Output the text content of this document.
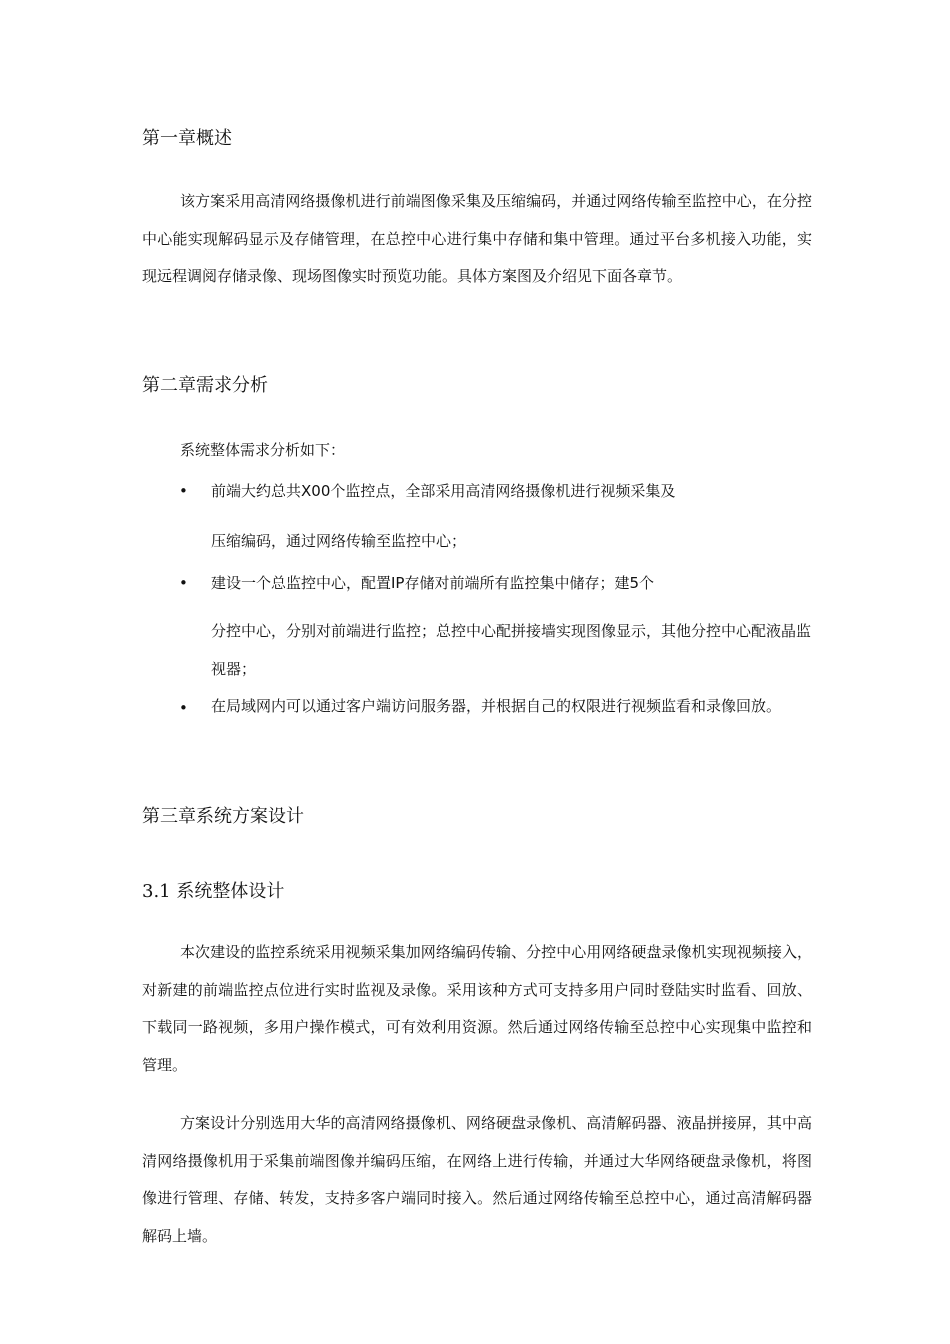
第一章概述

该方案采用高清网络摄像机进行前端图像采集及压缩编码，并通过网络传输至监控中心，在分控中心能实现解码显示及存储管理，在总控中心进行集中存储和集中管理。通过平台多机接入功能，实现远程调阅存储录像、现场图像实时预览功能。具体方案图及介绍见下面各章节。

第二章需求分析
系统整体需求分析如下：
• 前端大约总共X00个监控点，全部采用高清网络摄像机进行视频采集及
压缩编码，通过网络传输至监控中心；
• 建设一个总监控中心，配置IP存储对前端所有监控集中储存；建5个

分控中心，分别对前端进行监控；总控中心配拼接墙实现图像显示，其他分控中心配液晶监视器；

• 在局域网内可以通过客户端访问服务器，并根据自己的权限进行视频监看和录像回放。

第三章系统方案设计
3.1 系统整体设计

本次建设的监控系统采用视频采集加网络编码传输、分控中心用网络硬盘录像机实现视频接入，对新建的前端监控点位进行实时监视及录像。采用该种方式可支持多用户同时登陆实时监看、回放、下载同一路视频，多用户操作模式，可有效利用资源。然后通过网络传输至总控中心实现集中监控和管理。

方案设计分别选用大华的高清网络摄像机、网络硬盘录像机、高清解码器、液晶拼接屏，其中高清网络摄像机用于采集前端图像并编码压缩，在网络上进行传输，并通过大华网络硬盘录像机，将图像进行管理、存储、转发，支持多客户端同时接入。然后通过网络传输至总控中心，通过高清解码器解码上墙。
